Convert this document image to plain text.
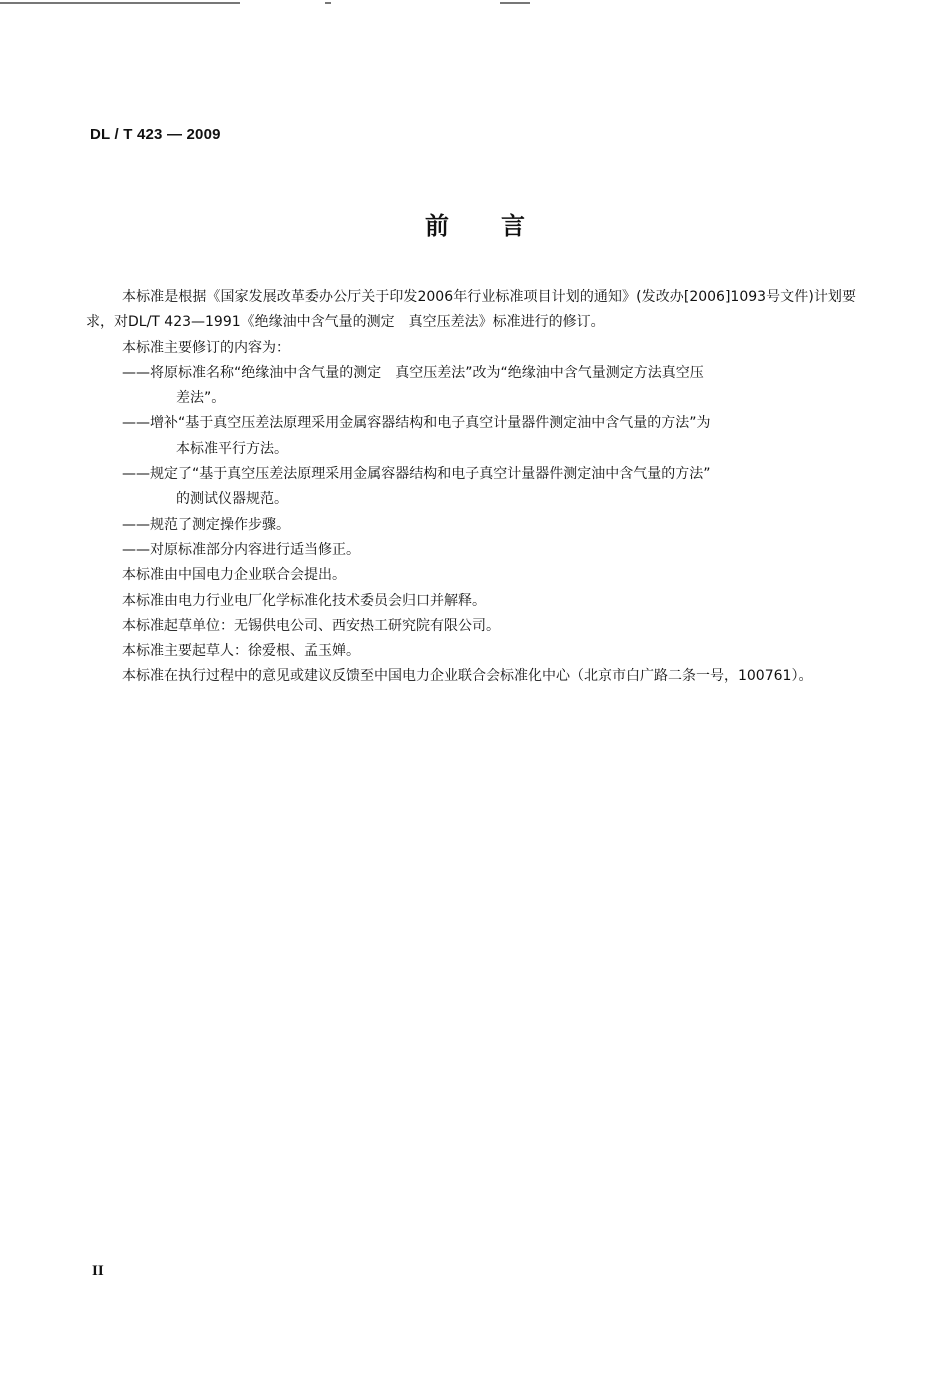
DL / T 423 — 2009
前 言

本标准是根据《国家发展改革委办公厅关于印发2006年行业标准项目计划的通知》(发改办[2006]1093号文件)计划要求，对DL/T 423—1991《绝缘油中含气量的测定　真空压差法》标准进行的修订。

本标准主要修订的内容为：

——将原标准名称“绝缘油中含气量的测定　真空压差法”改为“绝缘油中含气量测定方法真空压
差法”。

——增补“基于真空压差法原理采用金属容器结构和电子真空计量器件测定油中含气量的方法”为
本标准平行方法。

——规定了“基于真空压差法原理采用金属容器结构和电子真空计量器件测定油中含气量的方法”
的测试仪器规范。

——规范了测定操作步骤。

——对原标准部分内容进行适当修正。

本标准由中国电力企业联合会提出。

本标准由电力行业电厂化学标准化技术委员会归口并解释。

本标准起草单位：无锡供电公司、西安热工研究院有限公司。

本标准主要起草人：徐爱根、孟玉婵。

本标准在执行过程中的意见或建议反馈至中国电力企业联合会标准化中心（北京市白广路二条一号，100761）。

II
